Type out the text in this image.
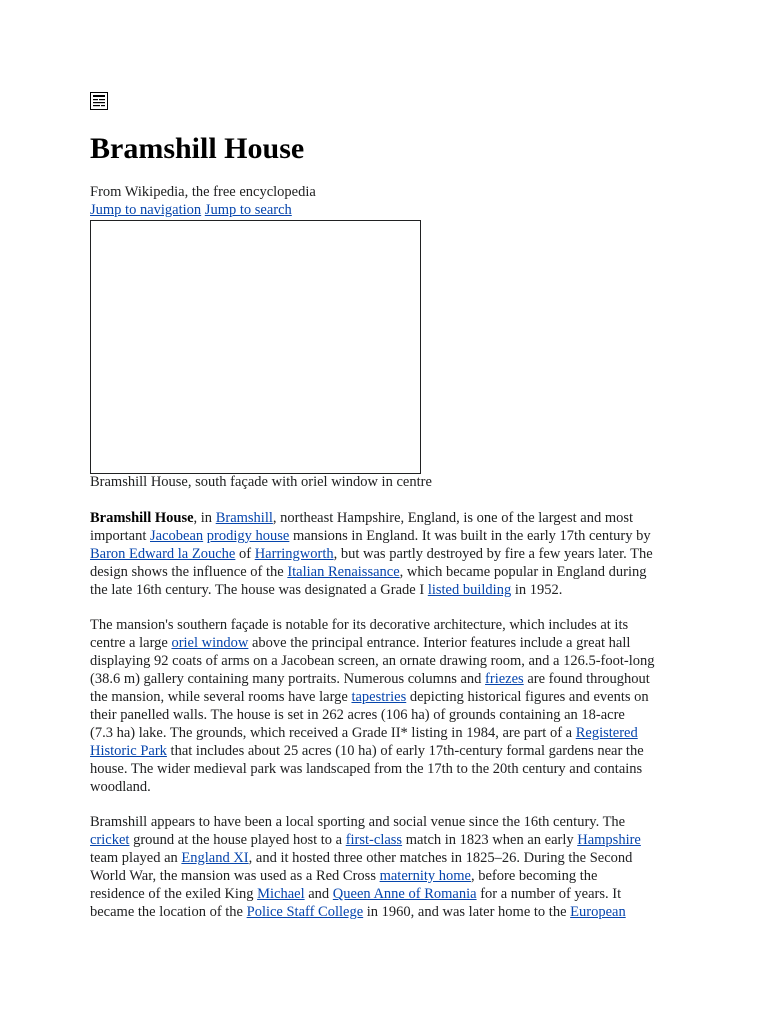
Bramshill House
From Wikipedia, the free encyclopedia
Jump to navigation Jump to search
Bramshill House, south façade with oriel window in centre

Bramshill House, in Bramshill, northeast Hampshire, England, is one of the largest and most
important Jacobean prodigy house mansions in England. It was built in the early 17th century by
Baron Edward la Zouche of Harringworth, but was partly destroyed by fire a few years later. The
design shows the influence of the Italian Renaissance, which became popular in England during
the late 16th century. The house was designated a Grade I listed building in 1952.

The mansion's southern façade is notable for its decorative architecture, which includes at its
centre a large oriel window above the principal entrance. Interior features include a great hall
displaying 92 coats of arms on a Jacobean screen, an ornate drawing room, and a 126.5-foot-long
(38.6 m) gallery containing many portraits. Numerous columns and friezes are found throughout
the mansion, while several rooms have large tapestries depicting historical figures and events on
their panelled walls. The house is set in 262 acres (106 ha) of grounds containing an 18-acre
(7.3 ha) lake. The grounds, which received a Grade II* listing in 1984, are part of a Registered
Historic Park that includes about 25 acres (10 ha) of early 17th-century formal gardens near the
house. The wider medieval park was landscaped from the 17th to the 20th century and contains
woodland.

Bramshill appears to have been a local sporting and social venue since the 16th century. The
cricket ground at the house played host to a first-class match in 1823 when an early Hampshire
team played an England XI, and it hosted three other matches in 1825–26. During the Second
World War, the mansion was used as a Red Cross maternity home, before becoming the
residence of the exiled King Michael and Queen Anne of Romania for a number of years. It
became the location of the Police Staff College in 1960, and was later home to the European
